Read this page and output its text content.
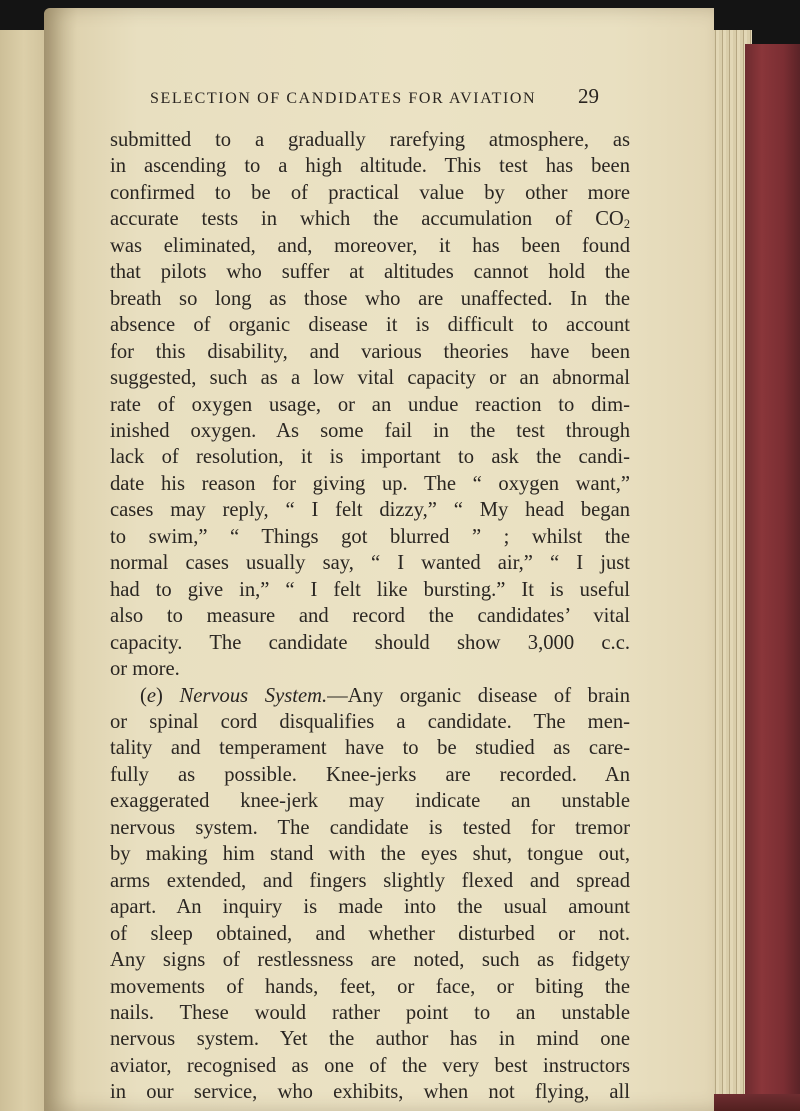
SELECTION OF CANDIDATES FOR AVIATION	29
submitted to a gradually rarefying atmosphere, as
in ascending to a high altitude. This test has been
confirmed to be of practical value by other more
accurate tests in which the accumulation of $CO_2$
was eliminated, and, moreover, it has been found
that pilots who suffer at altitudes cannot hold the
breath so long as those who are unaffected. In the
absence of organic disease it is difficult to account
for this disability, and various theories have been
suggested, such as a low vital capacity or an abnormal
rate of oxygen usage, or an undue reaction to dim-
inished oxygen. As some fail in the test through
lack of resolution, it is important to ask the candi-
date his reason for giving up. The “ oxygen want,”
cases may reply, “ I felt dizzy,” “ My head began
to swim,” “ Things got blurred ” ; whilst the
normal cases usually say, “ I wanted air,” “ I just
had to give in,” “ I felt like bursting.” It is useful
also to measure and record the candidates’ vital
capacity. The candidate should show 3,000 c.c.
or more.
(e) Nervous System.—Any organic disease of brain
or spinal cord disqualifies a candidate. The men-
tality and temperament have to be studied as care-
fully as possible. Knee-jerks are recorded. An
exaggerated knee-jerk may indicate an unstable
nervous system. The candidate is tested for tremor
by making him stand with the eyes shut, tongue out,
arms extended, and fingers slightly flexed and spread
apart. An inquiry is made into the usual amount
of sleep obtained, and whether disturbed or not.
Any signs of restlessness are noted, such as fidgety
movements of hands, feet, or face, or biting the
nails. These would rather point to an unstable
nervous system. Yet the author has in mind one
aviator, recognised as one of the very best instructors
in our service, who exhibits, when not flying, all
